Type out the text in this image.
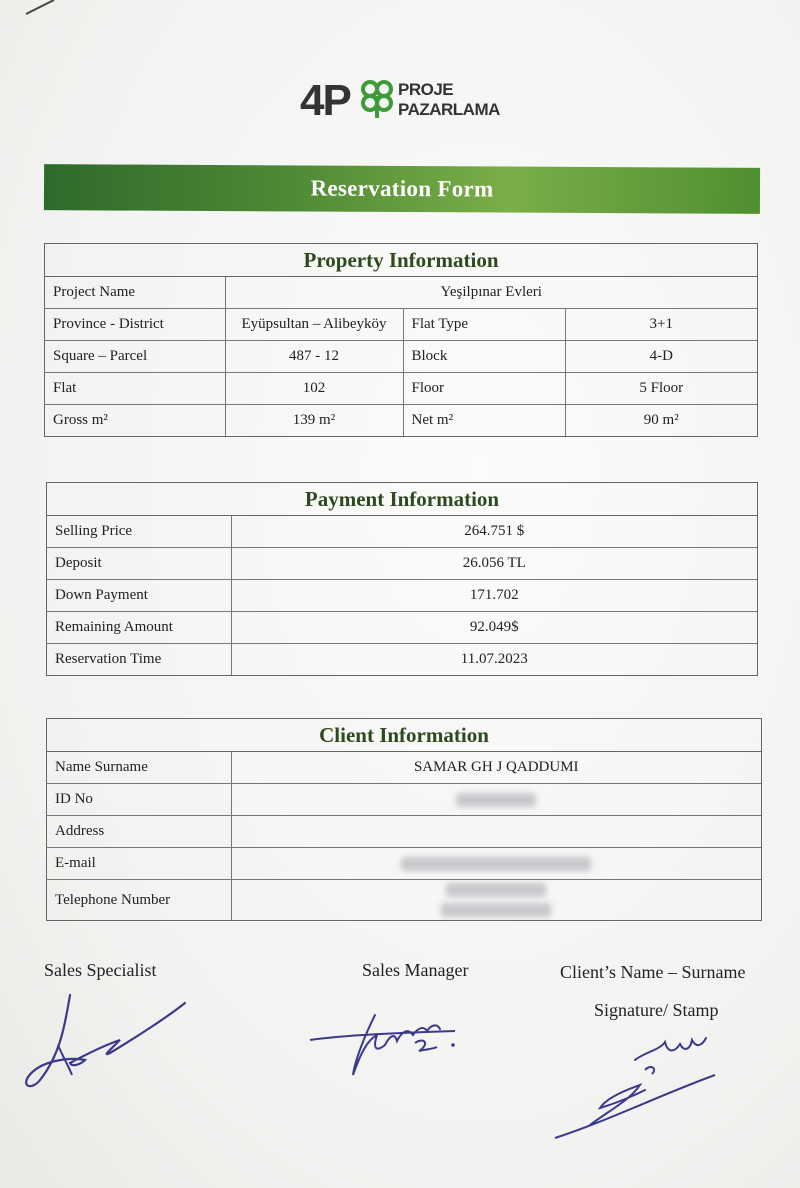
4P	PROJE
PAZARLAMA
Reservation Form
Property Information
Project Name	Yeşilpınar Evleri		
Province - District	Eyüpsultan – Alibeyköy	Flat Type	3+1
Square – Parcel	487 - 12	Block	4-D
Flat	102	Floor	5 Floor
Gross m²	139 m²	Net m²	90 m²
Payment Information
Selling Price	264.751 $
Deposit	26.056 TL
Down Payment	171.702
Remaining Amount	92.049$
Reservation Time	11.07.2023
Client Information
Name Surname	SAMAR GH J QADDUMI
ID No	
Address	
E-mail	
Telephone Number	

Sales Specialist	Sales Manager	Client’s Name – Surname
Signature/ Stamp
